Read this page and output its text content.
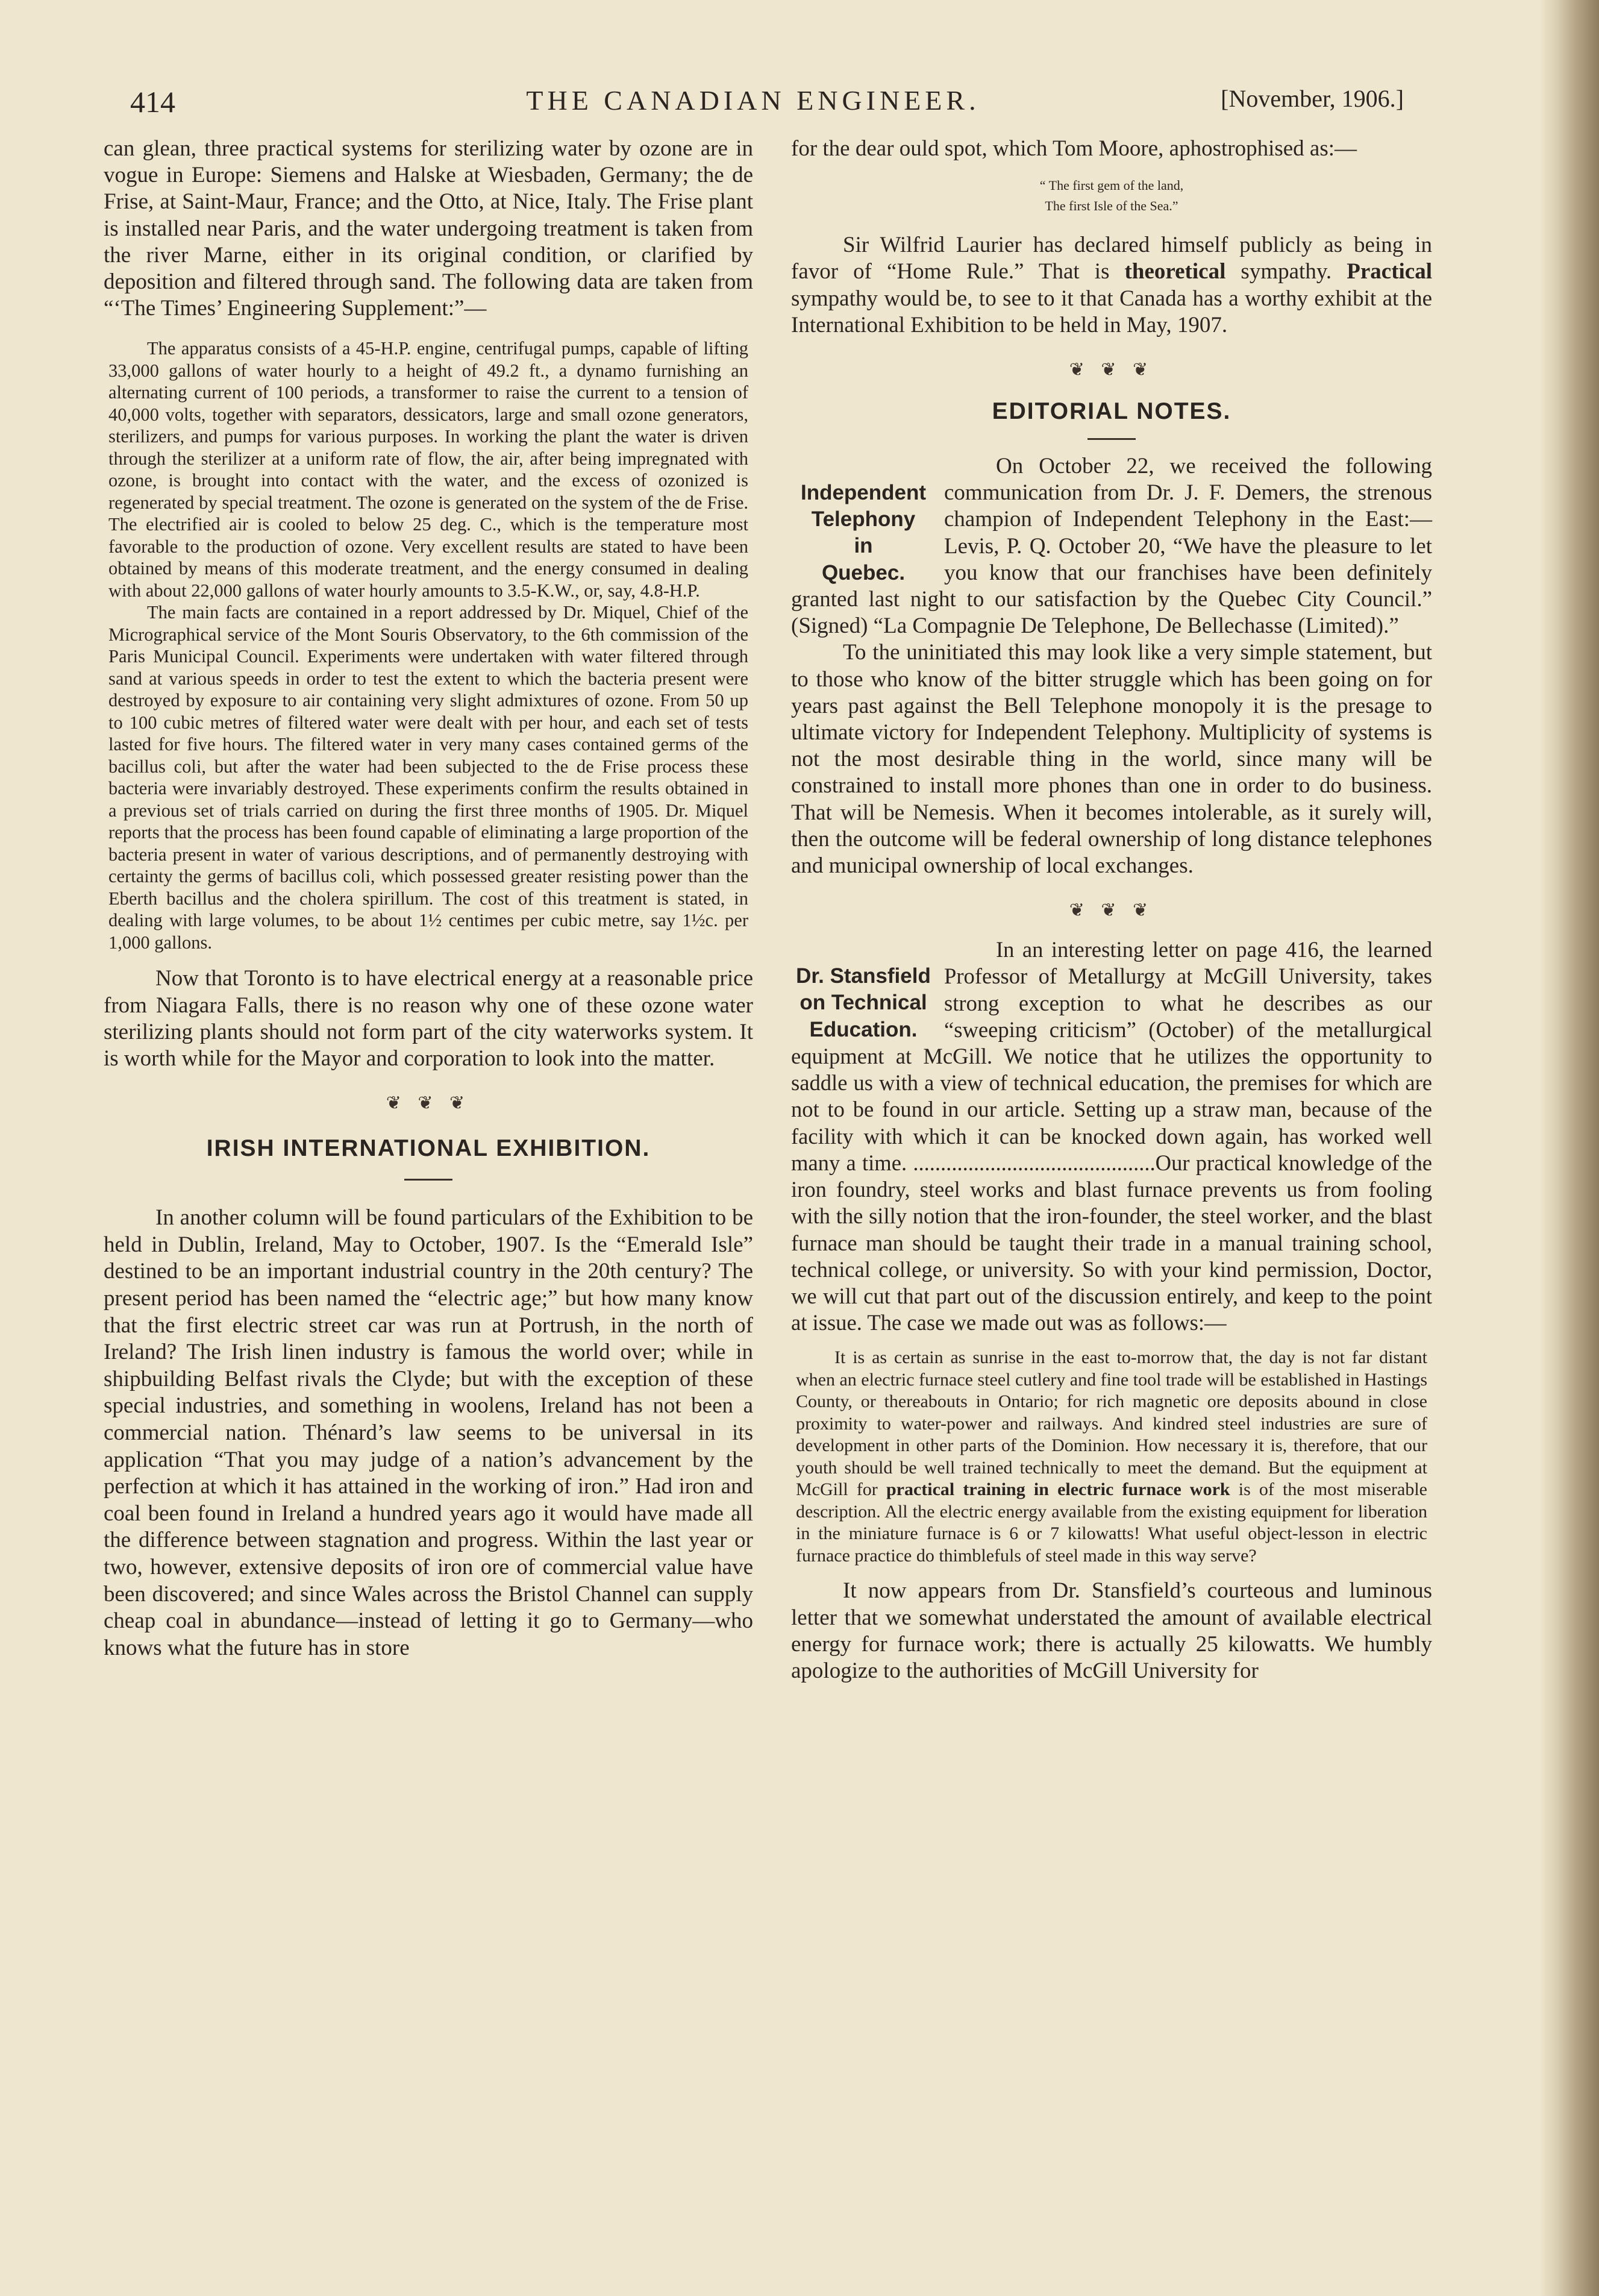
414	THE CANADIAN ENGINEER.	[November, 1906.]

can glean, three practical systems for sterilizing water by ozone are in vogue in Europe: Siemens and Halske at Wiesbaden, Germany; the de Frise, at Saint-Maur, France; and the Otto, at Nice, Italy. The Frise plant is installed near Paris, and the water undergoing treatment is taken from the river Marne, either in its original condition, or clarified by deposition and filtered through sand. The following data are taken from “‘The Times’ Engineering Supplement:”—

The apparatus consists of a 45-H.P. engine, centrifugal pumps, capable of lifting 33,000 gallons of water hourly to a height of 49.2 ft., a dynamo furnishing an alternating current of 100 periods, a transformer to raise the current to a tension of 40,000 volts, together with separators, dessicators, large and small ozone generators, sterilizers, and pumps for various purposes. In working the plant the water is driven through the sterilizer at a uniform rate of flow, the air, after being impregnated with ozone, is brought into contact with the water, and the excess of ozonized is regenerated by special treatment. The ozone is generated on the system of the de Frise. The electrified air is cooled to below 25 deg. C., which is the temperature most favorable to the production of ozone. Very excellent results are stated to have been obtained by means of this moderate treatment, and the energy consumed in dealing with about 22,000 gallons of water hourly amounts to 3.5-K.W., or, say, 4.8-H.P.

The main facts are contained in a report addressed by Dr. Miquel, Chief of the Micrographical service of the Mont Souris Observatory, to the 6th commission of the Paris Municipal Council. Experiments were undertaken with water filtered through sand at various speeds in order to test the extent to which the bacteria present were destroyed by exposure to air containing very slight admixtures of ozone. From 50 up to 100 cubic metres of filtered water were dealt with per hour, and each set of tests lasted for five hours. The filtered water in very many cases contained germs of the bacillus coli, but after the water had been subjected to the de Frise process these bacteria were invariably destroyed. These experiments confirm the results obtained in a previous set of trials carried on during the first three months of 1905. Dr. Miquel reports that the process has been found capable of eliminating a large proportion of the bacteria present in water of various descriptions, and of permanently destroying with certainty the germs of bacillus coli, which possessed greater resisting power than the Eberth bacillus and the cholera spirillum. The cost of this treatment is stated, in dealing with large volumes, to be about 1½ centimes per cubic metre, say 1½c. per 1,000 gallons.

Now that Toronto is to have electrical energy at a reasonable price from Niagara Falls, there is no reason why one of these ozone water sterilizing plants should not form part of the city waterworks system. It is worth while for the Mayor and corporation to look into the matter.

❦ ❦ ❦
IRISH INTERNATIONAL EXHIBITION.

In another column will be found particulars of the Exhibition to be held in Dublin, Ireland, May to October, 1907. Is the “Emerald Isle” destined to be an important industrial country in the 20th century? The present period has been named the “electric age;” but how many know that the first electric street car was run at Portrush, in the north of Ireland? The Irish linen industry is famous the world over; while in shipbuilding Belfast rivals the Clyde; but with the exception of these special industries, and something in woolens, Ireland has not been a commercial nation. Thénard’s law seems to be universal in its application “That you may judge of a nation’s advancement by the perfection at which it has attained in the working of iron.” Had iron and coal been found in Ireland a hundred years ago it would have made all the difference between stagnation and progress. Within the last year or two, however, extensive deposits of iron ore of commercial value have been discovered; and since Wales across the Bristol Channel can supply cheap coal in abundance—instead of letting it go to Germany—who knows what the future has in store

for the dear ould spot, which Tom Moore, aphostrophised as:—

“ The first gem of the land,
The first Isle of the Sea.”

Sir Wilfrid Laurier has declared himself publicly as being in favor of “Home Rule.” That is theoretical sympathy. Practical sympathy would be, to see to it that Canada has a worthy exhibit at the International Exhibition to be held in May, 1907.

❦ ❦ ❦
EDITORIAL NOTES.
Independent
Telephony
in
Quebec.

On October 22, we received the following communication from Dr. J. F. Demers, the strenous champion of Independent Telephony in the East:—Levis, P. Q. October 20, “We have the pleasure to let you know that our franchises have been definitely granted last night to our satisfaction by the Quebec City Council.” (Signed) “La Compagnie De Telephone, De Bellechasse (Limited).”

To the uninitiated this may look like a very simple statement, but to those who know of the bitter struggle which has been going on for years past against the Bell Telephone monopoly it is the presage to ultimate victory for Independent Telephony. Multiplicity of systems is not the most desirable thing in the world, since many will be constrained to install more phones than one in order to do business. That will be Nemesis. When it becomes intolerable, as it surely will, then the outcome will be federal ownership of long distance telephones and municipal ownership of local exchanges.

❦ ❦ ❦
Dr. Stansfield
on Technical
Education.

In an interesting letter on page 416, the learned Professor of Metallurgy at McGill University, takes strong exception to what he describes as our “sweeping criticism” (October) of the metallurgical equipment at McGill. We notice that he utilizes the opportunity to saddle us with a view of technical education, the premises for which are not to be found in our article. Setting up a straw man, because of the facility with which it can be knocked down again, has worked well many a time. ............................................Our practical knowledge of the iron foundry, steel works and blast furnace prevents us from fooling with the silly notion that the iron-founder, the steel worker, and the blast furnace man should be taught their trade in a manual training school, technical college, or university. So with your kind permission, Doctor, we will cut that part out of the discussion entirely, and keep to the point at issue. The case we made out was as follows:—

It is as certain as sunrise in the east to-morrow that, the day is not far distant when an electric furnace steel cutlery and fine tool trade will be established in Hastings County, or thereabouts in Ontario; for rich magnetic ore deposits abound in close proximity to water-power and railways. And kindred steel industries are sure of development in other parts of the Dominion. How necessary it is, therefore, that our youth should be well trained technically to meet the demand. But the equipment at McGill for practical training in electric furnace work is of the most miserable description. All the electric energy available from the existing equipment for liberation in the miniature furnace is 6 or 7 kilowatts! What useful object-lesson in electric furnace practice do thimblefuls of steel made in this way serve?

It now appears from Dr. Stansfield’s courteous and luminous letter that we somewhat understated the amount of available electrical energy for furnace work; there is actually 25 kilowatts. We humbly apologize to the authorities of McGill University for
